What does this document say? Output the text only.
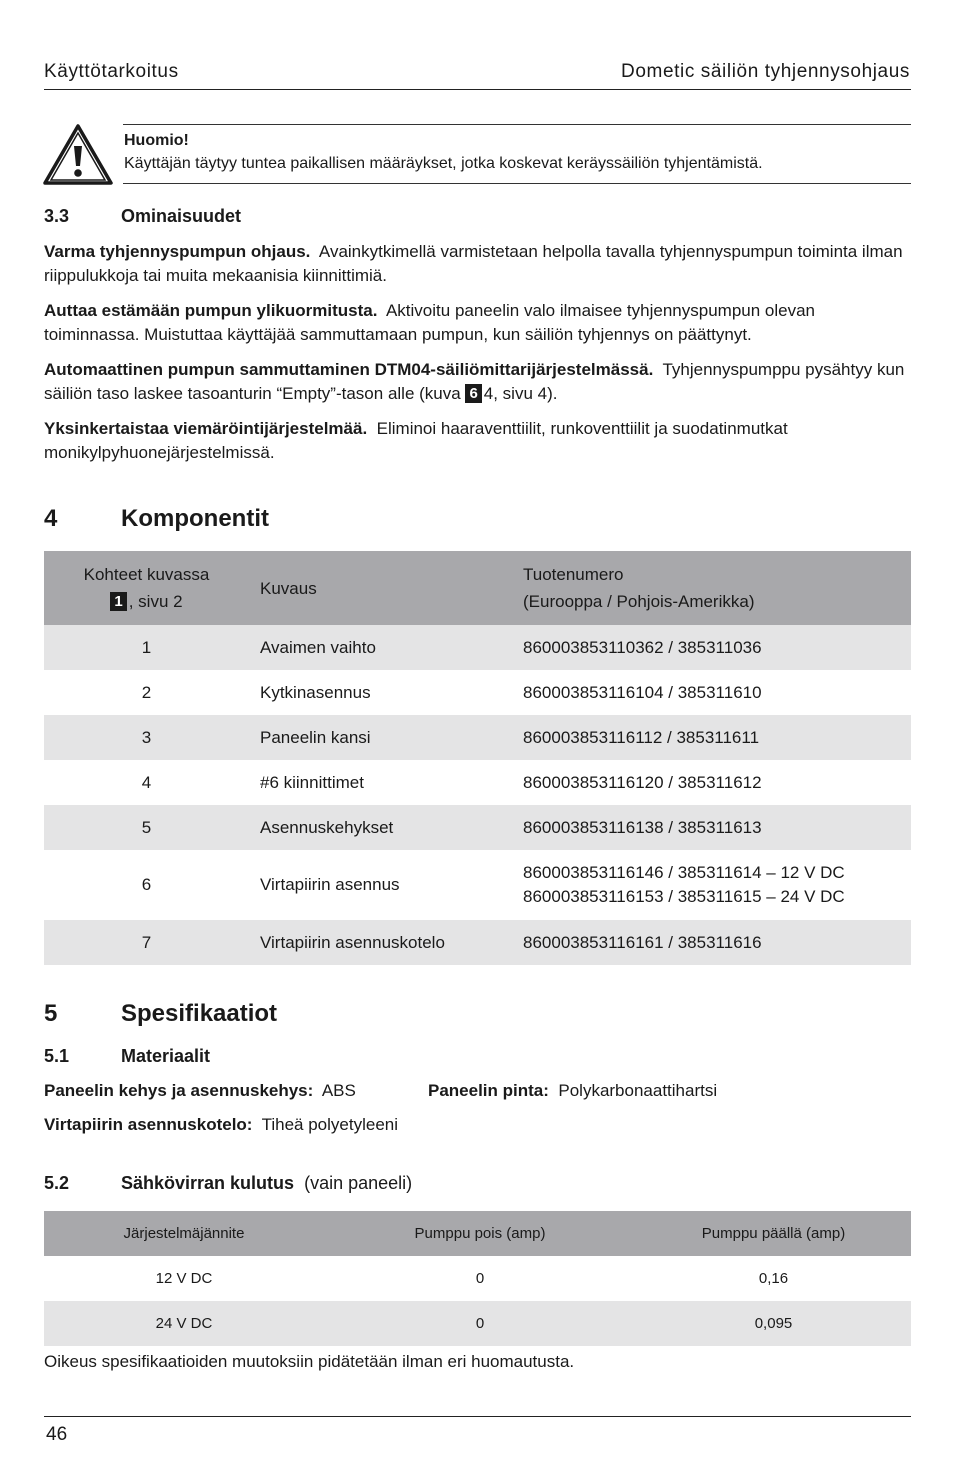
Käyttötarkoitus	Dometic säiliön tyhjennysohjaus
Huomio!
Käyttäjän täytyy tuntea paikallisen määräykset, jotka koskevat keräyssäiliön tyhjentämistä.
3.3	Ominaisuudet
Varma tyhjennyspumpun ohjaus. Avainkytkimellä varmistetaan helpolla tavalla tyhjennyspumpun toiminta ilman riippulukkoja tai muita mekaanisia kiinnittimiä.
Auttaa estämään pumpun ylikuormitusta. Aktivoitu paneelin valo ilmaisee tyhjennyspumpun olevan toiminnassa. Muistuttaa käyttäjää sammuttamaan pumpun, kun säiliön tyhjennys on päättynyt.
Automaattinen pumpun sammuttaminen DTM04-säiliömittarijärjestelmässä. Tyhjennyspumppu pysähtyy kun säiliön taso laskee tasoanturin “Empty”-tason alle (kuva 6 4, sivu 4).
Yksinkertaistaa viemäröintijärjestelmää. Eliminoi haaraventtiilit, runkoventtiilit ja suodatinmutkat monikylpyhuonejärjestelmissä.
4	Komponentit
Kohteet kuvassa
1 , sivu 2	Kuvaus	Tuotenumero
(Eurooppa / Pohjois-Amerikka)
1	Avaimen vaihto	860003853110362 / 385311036
2	Kytkinasennus	860003853116104 / 385311610
3	Paneelin kansi	860003853116112 / 385311611
4	#6 kiinnittimet	860003853116120 / 385311612
5	Asennuskehykset	860003853116138 / 385311613
6	Virtapiirin asennus	860003853116146 / 385311614 – 12 V DC
860003853116153 / 385311615 – 24 V DC
7	Virtapiirin asennuskotelo	860003853116161 / 385311616
5	Spesifikaatiot
5.1	Materiaalit
Paneelin kehys ja asennuskehys: ABS	Paneelin pinta: Polykarbonaattihartsi
Virtapiirin asennuskotelo: Tiheä polyetyleeni
5.2	Sähkövirran kulutus (vain paneeli)
Järjestelmäjännite	Pumppu pois (amp)	Pumppu päällä (amp)
12 V DC	0	0,16
24 V DC	0	0,095
Oikeus spesifikaatioiden muutoksiin pidätetään ilman eri huomautusta.
46
